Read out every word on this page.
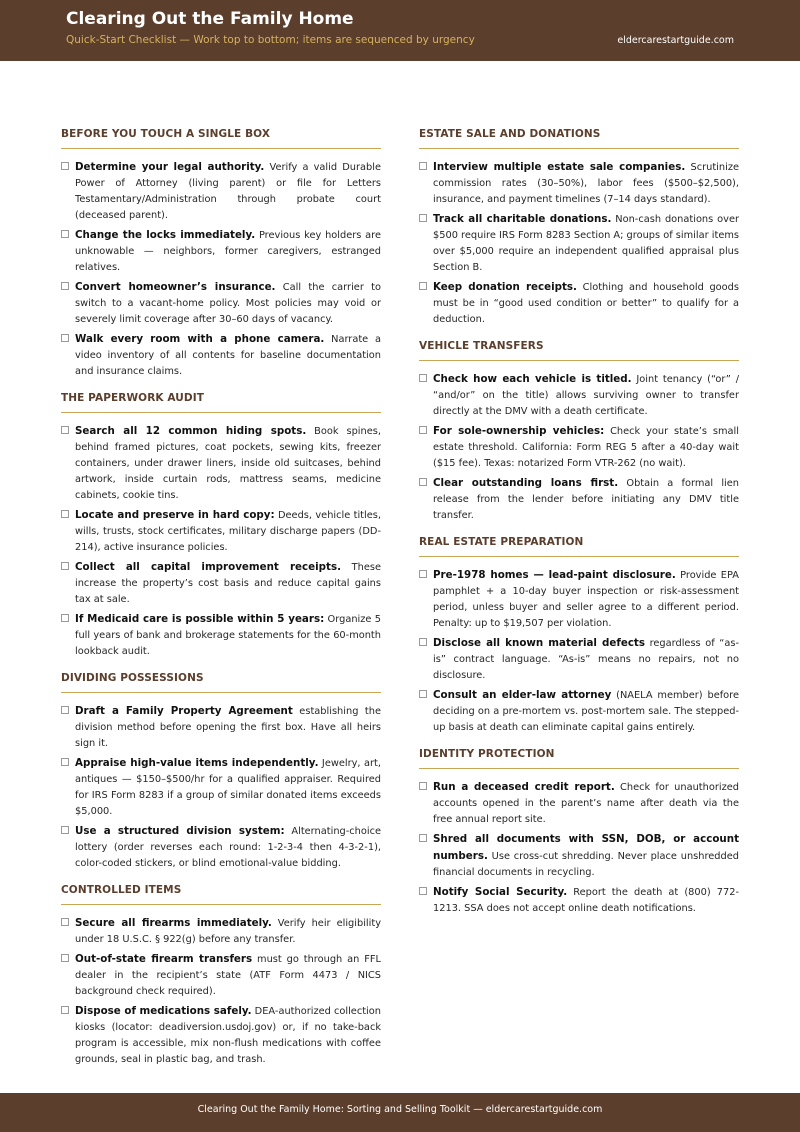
Clearing Out the Family Home
Quick-Start Checklist — Work top to bottom; items are sequenced by urgency	eldercarestartguide.com
BEFORE YOU TOUCH A SINGLE BOX
Determine your legal authority. Verify a valid Durable Power of Attorney (living parent) or file for Letters Testamentary/Administration through probate court (deceased parent).
Change the locks immediately. Previous key holders are unknowable — neighbors, former caregivers, estranged relatives.
Convert homeowner’s insurance. Call the carrier to switch to a vacant-home policy. Most policies may void or severely limit coverage after 30–60 days of vacancy.
Walk every room with a phone camera. Narrate a video inventory of all contents for baseline documentation and insurance claims.
THE PAPERWORK AUDIT
Search all 12 common hiding spots. Book spines, behind framed pictures, coat pockets, sewing kits, freezer containers, under drawer liners, inside old suitcases, behind artwork, inside curtain rods, mattress seams, medicine cabinets, cookie tins.
Locate and preserve in hard copy: Deeds, vehicle titles, wills, trusts, stock certificates, military discharge papers (DD-214), active insurance policies.
Collect all capital improvement receipts. These increase the property’s cost basis and reduce capital gains tax at sale.
If Medicaid care is possible within 5 years: Organize 5 full years of bank and brokerage statements for the 60-month lookback audit.
DIVIDING POSSESSIONS
Draft a Family Property Agreement establishing the division method before opening the first box. Have all heirs sign it.
Appraise high-value items independently. Jewelry, art, antiques — $150–$500/hr for a qualified appraiser. Required for IRS Form 8283 if a group of similar donated items exceeds $5,000.
Use a structured division system: Alternating-choice lottery (order reverses each round: 1-2-3-4 then 4-3-2-1), color-coded stickers, or blind emotional-value bidding.
CONTROLLED ITEMS
Secure all firearms immediately. Verify heir eligibility under 18 U.S.C. § 922(g) before any transfer.
Out-of-state firearm transfers must go through an FFL dealer in the recipient’s state (ATF Form 4473 / NICS background check required).
Dispose of medications safely. DEA-authorized collection kiosks (locator: deadiversion.usdoj.gov) or, if no take-back program is accessible, mix non-flush medications with coffee grounds, seal in plastic bag, and trash.
ESTATE SALE AND DONATIONS
Interview multiple estate sale companies. Scrutinize commission rates (30–50%), labor fees ($500–$2,500), insurance, and payment timelines (7–14 days standard).
Track all charitable donations. Non-cash donations over $500 require IRS Form 8283 Section A; groups of similar items over $5,000 require an independent qualified appraisal plus Section B.
Keep donation receipts. Clothing and household goods must be in “good used condition or better” to qualify for a deduction.
VEHICLE TRANSFERS
Check how each vehicle is titled. Joint tenancy (“or” / “and/or” on the title) allows surviving owner to transfer directly at the DMV with a death certificate.
For sole-ownership vehicles: Check your state’s small estate threshold. California: Form REG 5 after a 40-day wait ($15 fee). Texas: notarized Form VTR-262 (no wait).
Clear outstanding loans first. Obtain a formal lien release from the lender before initiating any DMV title transfer.
REAL ESTATE PREPARATION
Pre-1978 homes — lead-paint disclosure. Provide EPA pamphlet + a 10-day buyer inspection or risk-assessment period, unless buyer and seller agree to a different period. Penalty: up to $19,507 per violation.
Disclose all known material defects regardless of “as-is” contract language. “As-is” means no repairs, not no disclosure.
Consult an elder-law attorney (NAELA member) before deciding on a pre-mortem vs. post-mortem sale. The stepped-up basis at death can eliminate capital gains entirely.
IDENTITY PROTECTION
Run a deceased credit report. Check for unauthorized accounts opened in the parent’s name after death via the free annual report site.
Shred all documents with SSN, DOB, or account numbers. Use cross-cut shredding. Never place unshredded financial documents in recycling.
Notify Social Security. Report the death at (800) 772-1213. SSA does not accept online death notifications.
Clearing Out the Family Home: Sorting and Selling Toolkit — eldercarestartguide.com
